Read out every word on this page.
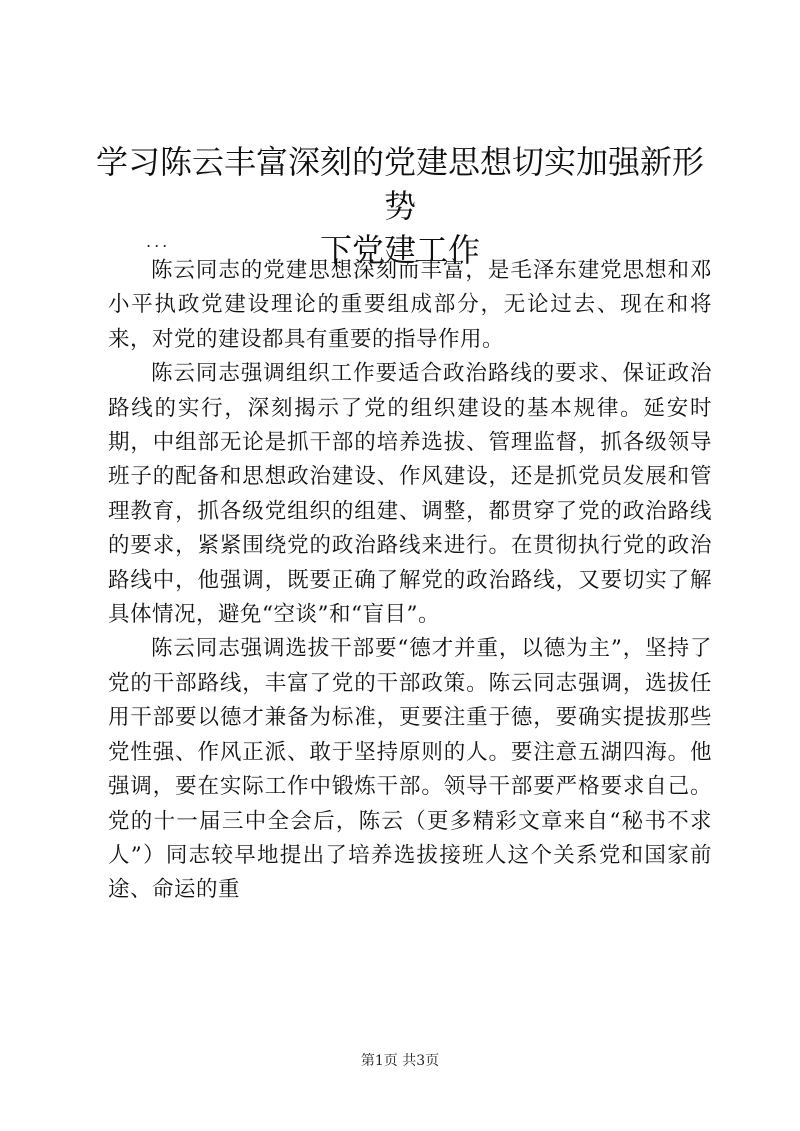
学习陈云丰富深刻的党建思想切实加强新形势
下党建工作
...

陈云同志的党建思想深刻而丰富，是毛泽东建党思想和邓小平执政党建设理论的重要组成部分，无论过去、现在和将来，对党的建设都具有重要的指导作用。

陈云同志强调组织工作要适合政治路线的要求、保证政治路线的实行，深刻揭示了党的组织建设的基本规律。延安时期，中组部无论是抓干部的培养选拔、管理监督，抓各级领导班子的配备和思想政治建设、作风建设，还是抓党员发展和管理教育，抓各级党组织的组建、调整，都贯穿了党的政治路线的要求，紧紧围绕党的政治路线来进行。在贯彻执行党的政治路线中，他强调，既要正确了解党的政治路线，又要切实了解具体情况，避免“空谈”和“盲目”。

陈云同志强调选拔干部要“德才并重，以德为主”，坚持了党的干部路线，丰富了党的干部政策。陈云同志强调，选拔任用干部要以德才兼备为标准，更要注重于德，要确实提拔那些党性强、作风正派、敢于坚持原则的人。要注意五湖四海。他强调，要在实际工作中锻炼干部。领导干部要严格要求自己。党的十一届三中全会后，陈云（更多精彩文章来自“秘书不求人”）同志较早地提出了培养选拔接班人这个关系党和国家前途、命运的重

第1页 共3页
